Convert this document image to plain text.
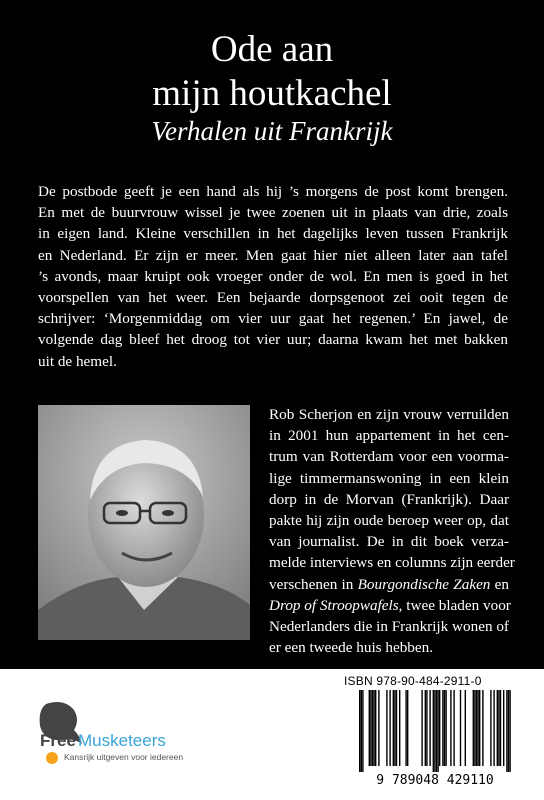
Ode aan
mijn houtkachel
Verhalen uit Frankrijk
De postbode geeft je een hand als hij ’s morgens de post komt brengen.
En met de buurvrouw wissel je twee zoenen uit in plaats van drie, zoals
in eigen land. Kleine verschillen in het dagelijks leven tussen Frankrijk
en Nederland. Er zijn er meer. Men gaat hier niet alleen later aan tafel
’s avonds, maar kruipt ook vroeger onder de wol. En men is goed in het
voorspellen van het weer. Een bejaarde dorpsgenoot zei ooit tegen de
schrijver: ‘Morgenmiddag om vier uur gaat het regenen.’ En jawel, de
volgende dag bleef het droog tot vier uur; daarna kwam het met bakken
uit de hemel.
Rob Scherjon en zijn vrouw verruilden
in 2001 hun appartement in het cen-
trum van Rotterdam voor een voorma-
lige timmermanswoning in een klein
dorp in de Morvan (Frankrijk). Daar
pakte hij zijn oude beroep weer op, dat
van journalist. De in dit boek verza-
melde interviews en columns zijn eerder
verschenen in Bourgondische Zaken en
Drop of Stroopwafels, twee bladen voor
Nederlanders die in Frankrijk wonen of
er een tweede huis hebben.
Free Musketeers
Kansrijk uitgeven voor iedereen
ISBN 978-90-484-2911-0
9 789048 429110
